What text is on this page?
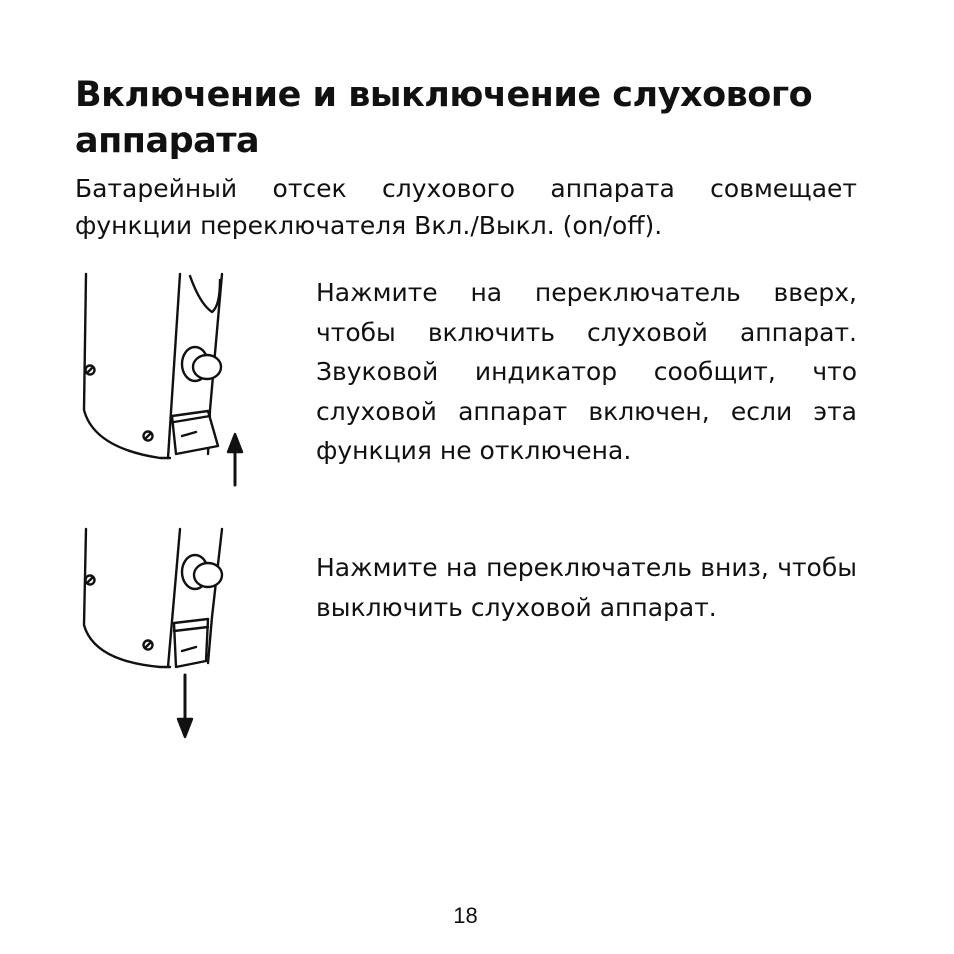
Включение и выключение слухового аппарата

Батарейный отсек слухового аппарата совмещает функции переключателя Вкл./Выкл. (on/off).

Нажмите на переключатель вверх, чтобы включить слуховой аппарат. Звуковой индикатор сообщит, что слуховой аппарат включен, если эта функция не отключена.

Нажмите на переключатель вниз, чтобы выключить слуховой аппарат.

18
